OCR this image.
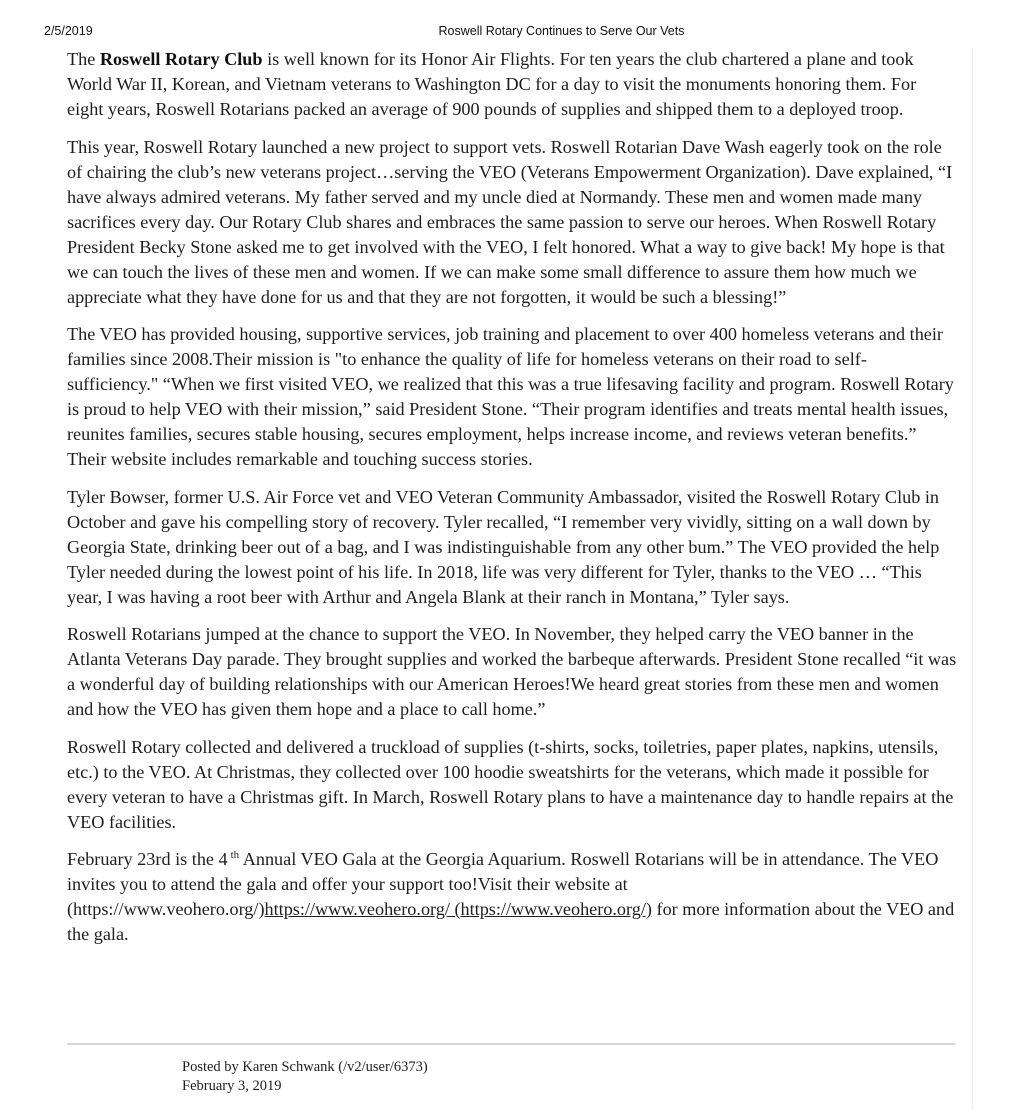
2/5/2019	Roswell Rotary Continues to Serve Our Vets

The Roswell Rotary Club is well known for its Honor Air Flights. For ten years the club chartered a plane and took World War II, Korean, and Vietnam veterans to Washington DC for a day to visit the monuments honoring them. For eight years, Roswell Rotarians packed an average of 900 pounds of supplies and shipped them to a deployed troop.

This year, Roswell Rotary launched a new project to support vets. Roswell Rotarian Dave Wash eagerly took on the role of chairing the club’s new veterans project…serving the VEO (Veterans Empowerment Organization). Dave explained, “I have always admired veterans. My father served and my uncle died at Normandy. These men and women made many sacrifices every day. Our Rotary Club shares and embraces the same passion to serve our heroes. When Roswell Rotary President Becky Stone asked me to get involved with the VEO, I felt honored. What a way to give back! My hope is that we can touch the lives of these men and women. If we can make some small difference to assure them how much we appreciate what they have done for us and that they are not forgotten, it would be such a blessing!”

The VEO has provided housing, supportive services, job training and placement to over 400 homeless veterans and their families since 2008.Their mission is "to enhance the quality of life for homeless veterans on their road to self-sufficiency." “When we first visited VEO, we realized that this was a true lifesaving facility and program. Roswell Rotary is proud to help VEO with their mission,” said President Stone. “Their program identifies and treats mental health issues, reunites families, secures stable housing, secures employment, helps increase income, and reviews veteran benefits.” Their website includes remarkable and touching success stories.

Tyler Bowser, former U.S. Air Force vet and VEO Veteran Community Ambassador, visited the Roswell Rotary Club in October and gave his compelling story of recovery. Tyler recalled, “I remember very vividly, sitting on a wall down by Georgia State, drinking beer out of a bag, and I was indistinguishable from any other bum.” The VEO provided the help Tyler needed during the lowest point of his life. In 2018, life was very different for Tyler, thanks to the VEO … “This year, I was having a root beer with Arthur and Angela Blank at their ranch in Montana,” Tyler says.

Roswell Rotarians jumped at the chance to support the VEO. In November, they helped carry the VEO banner in the Atlanta Veterans Day parade. They brought supplies and worked the barbeque afterwards. President Stone recalled “it was a wonderful day of building relationships with our American Heroes!We heard great stories from these men and women and how the VEO has given them hope and a place to call home.”

Roswell Rotary collected and delivered a truckload of supplies (t-shirts, socks, toiletries, paper plates, napkins, utensils, etc.) to the VEO. At Christmas, they collected over 100 hoodie sweatshirts for the veterans, which made it possible for every veteran to have a Christmas gift. In March, Roswell Rotary plans to have a maintenance day to handle repairs at the VEO facilities.

February 23rd is the 4 $^{th}$ Annual VEO Gala at the Georgia Aquarium. Roswell Rotarians will be in attendance. The VEO invites you to attend the gala and offer your support too!Visit their website at (https://www.veohero.org/)https://www.veohero.org/ (https://www.veohero.org/) for more information about the VEO and the gala.

Posted by Karen Schwank (/v2/user/6373)
February 3, 2019
